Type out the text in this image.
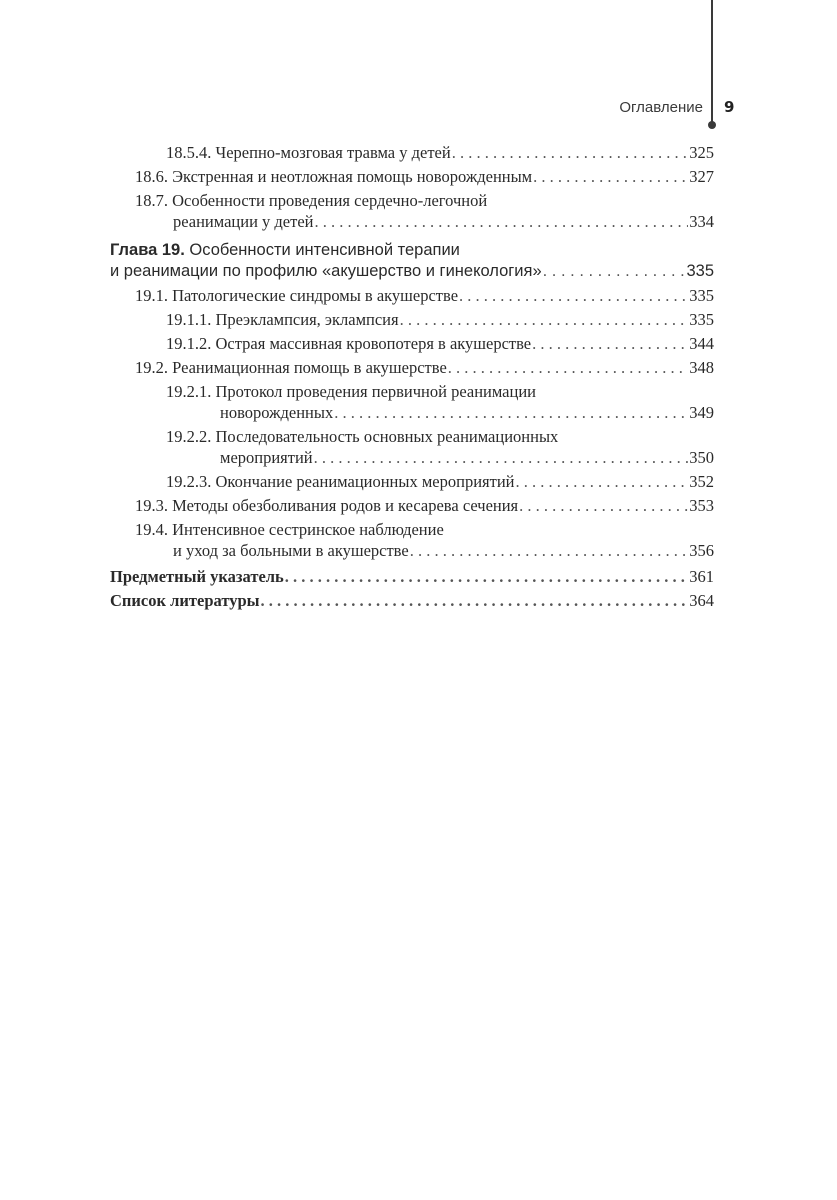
Оглавление 9
18.5.4. Черепно-мозговая травма у детей . . .	325
18.6. Экстренная и неотложная помощь новорожденным . . .	327
18.7. Особенности проведения сердечно-легочной
реанимации у детей . . .	334
Глава 19.
Особенности интенсивной терапии
и реанимации по профилю «акушерство и гинекология» . . .	335
19.1. Патологические синдромы в акушерстве . . .	335
19.1.1. Преэклампсия, эклампсия . . .	335
19.1.2. Острая массивная кровопотеря в акушерстве . . .	344
19.2. Реанимационная помощь в акушерстве . . .	348
19.2.1. Протокол проведения первичной реанимации
новорожденных . . .	349
19.2.2. Последовательность основных реанимационных
мероприятий . . .	350
19.2.3. Окончание реанимационных мероприятий . . .	352
19.3. Методы обезболивания родов и кесарева сечения . . .	353
19.4. Интенсивное сестринское наблюдение
и уход за больными в акушерстве . . .	356
Предметный указатель . . .	361
Список литературы . . .	364
